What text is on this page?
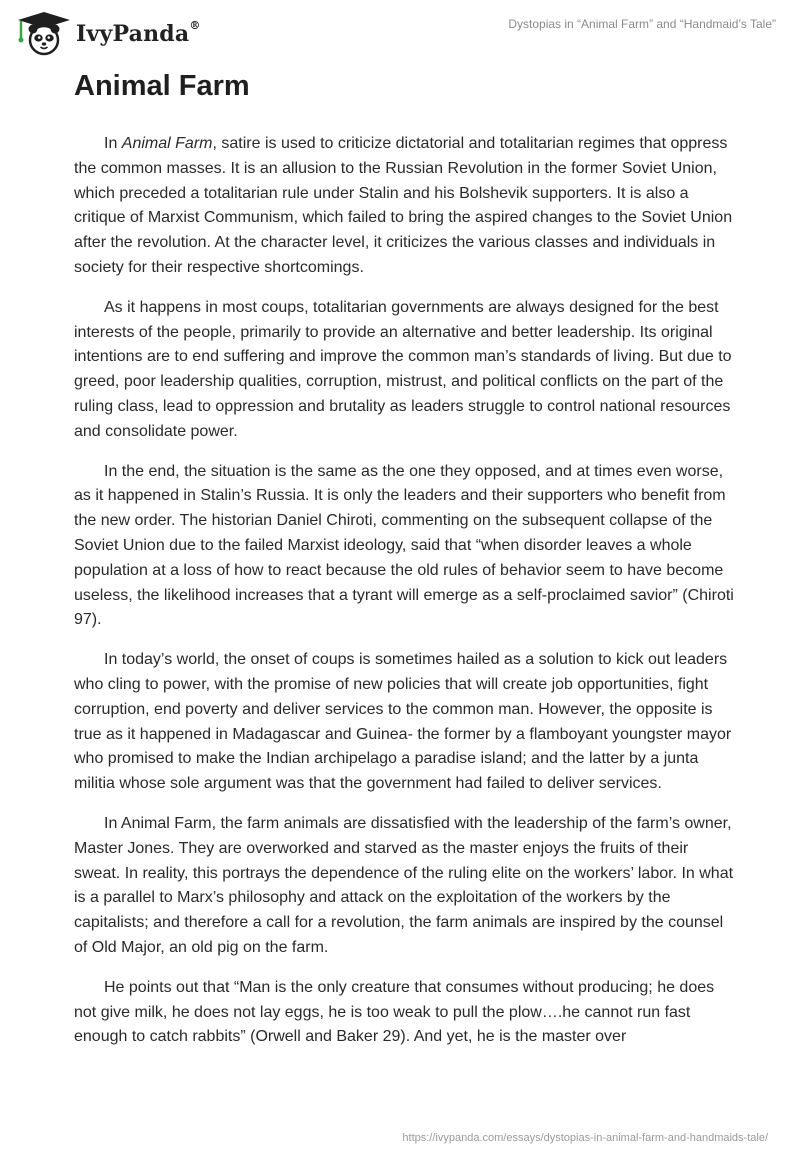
IvyPanda®	Dystopias in “Animal Farm” and “Handmaid’s Tale”
Animal Farm

In Animal Farm, satire is used to criticize dictatorial and totalitarian regimes that oppress the common masses. It is an allusion to the Russian Revolution in the former Soviet Union, which preceded a totalitarian rule under Stalin and his Bolshevik supporters. It is also a critique of Marxist Communism, which failed to bring the aspired changes to the Soviet Union after the revolution. At the character level, it criticizes the various classes and individuals in society for their respective shortcomings.

As it happens in most coups, totalitarian governments are always designed for the best interests of the people, primarily to provide an alternative and better leadership. Its original intentions are to end suffering and improve the common man’s standards of living. But due to greed, poor leadership qualities, corruption, mistrust, and political conflicts on the part of the ruling class, lead to oppression and brutality as leaders struggle to control national resources and consolidate power.

In the end, the situation is the same as the one they opposed, and at times even worse, as it happened in Stalin’s Russia. It is only the leaders and their supporters who benefit from the new order. The historian Daniel Chiroti, commenting on the subsequent collapse of the Soviet Union due to the failed Marxist ideology, said that “when disorder leaves a whole population at a loss of how to react because the old rules of behavior seem to have become useless, the likelihood increases that a tyrant will emerge as a self-proclaimed savior” (Chiroti 97).

In today’s world, the onset of coups is sometimes hailed as a solution to kick out leaders who cling to power, with the promise of new policies that will create job opportunities, fight corruption, end poverty and deliver services to the common man. However, the opposite is true as it happened in Madagascar and Guinea- the former by a flamboyant youngster mayor who promised to make the Indian archipelago a paradise island; and the latter by a junta militia whose sole argument was that the government had failed to deliver services.

In Animal Farm, the farm animals are dissatisfied with the leadership of the farm’s owner, Master Jones. They are overworked and starved as the master enjoys the fruits of their sweat. In reality, this portrays the dependence of the ruling elite on the workers’ labor. In what is a parallel to Marx’s philosophy and attack on the exploitation of the workers by the capitalists; and therefore a call for a revolution, the farm animals are inspired by the counsel of Old Major, an old pig on the farm.

He points out that “Man is the only creature that consumes without producing; he does not give milk, he does not lay eggs, he is too weak to pull the plow….he cannot run fast enough to catch rabbits” (Orwell and Baker 29). And yet, he is the master over

https://ivypanda.com/essays/dystopias-in-animal-farm-and-handmaids-tale/
